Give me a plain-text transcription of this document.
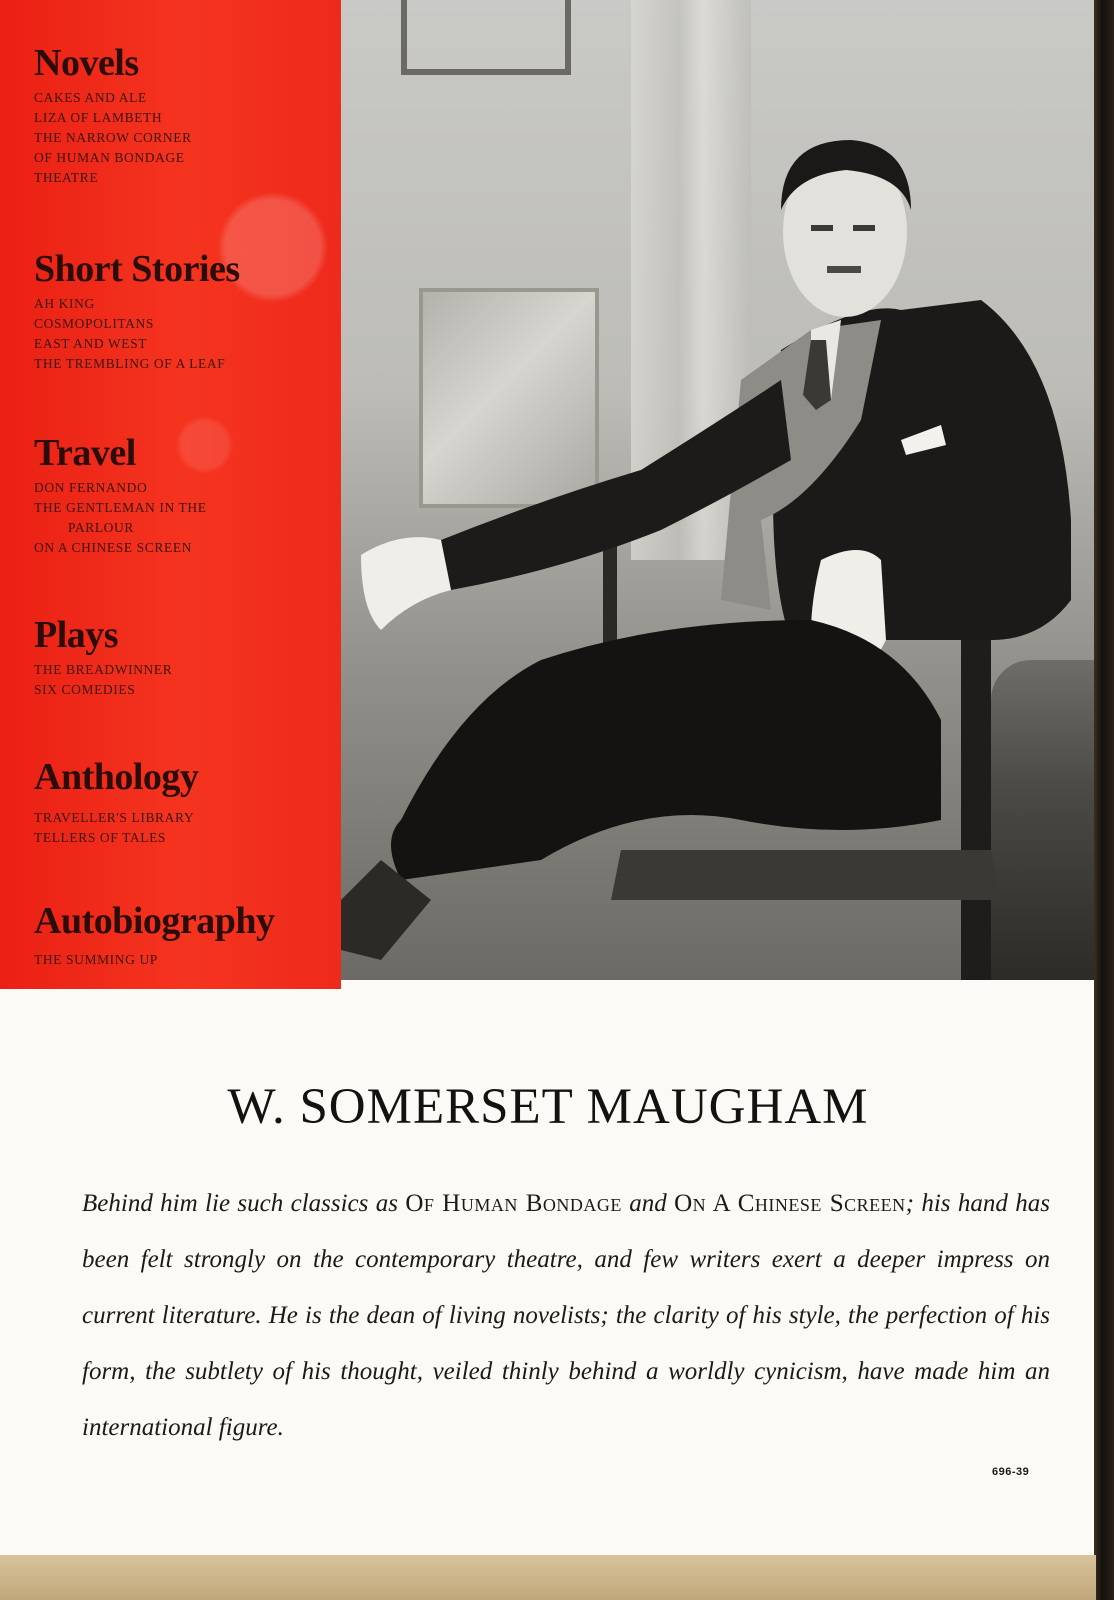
Novels
CAKES AND ALE
LIZA OF LAMBETH
THE NARROW CORNER
OF HUMAN BONDAGE
THEATRE
Short Stories
AH KING
COSMOPOLITANS
EAST AND WEST
THE TREMBLING OF A LEAF
Travel
DON FERNANDO
THE GENTLEMAN IN THE
PARLOUR
ON A CHINESE SCREEN
Plays
THE BREADWINNER
SIX COMEDIES
Anthology
TRAVELLER'S LIBRARY
TELLERS OF TALES
Autobiography
THE SUMMING UP
W. SOMERSET MAUGHAM
Behind him lie such classics as Of Human Bondage and On A Chinese Screen; his hand has been felt strongly on the contemporary theatre, and few writers exert a deeper impress on current literature. He is the dean of living novelists; the clarity of his style, the perfection of his form, the subtlety of his thought, veiled thinly behind a worldly cynicism, have made him an international figure.
696-39
